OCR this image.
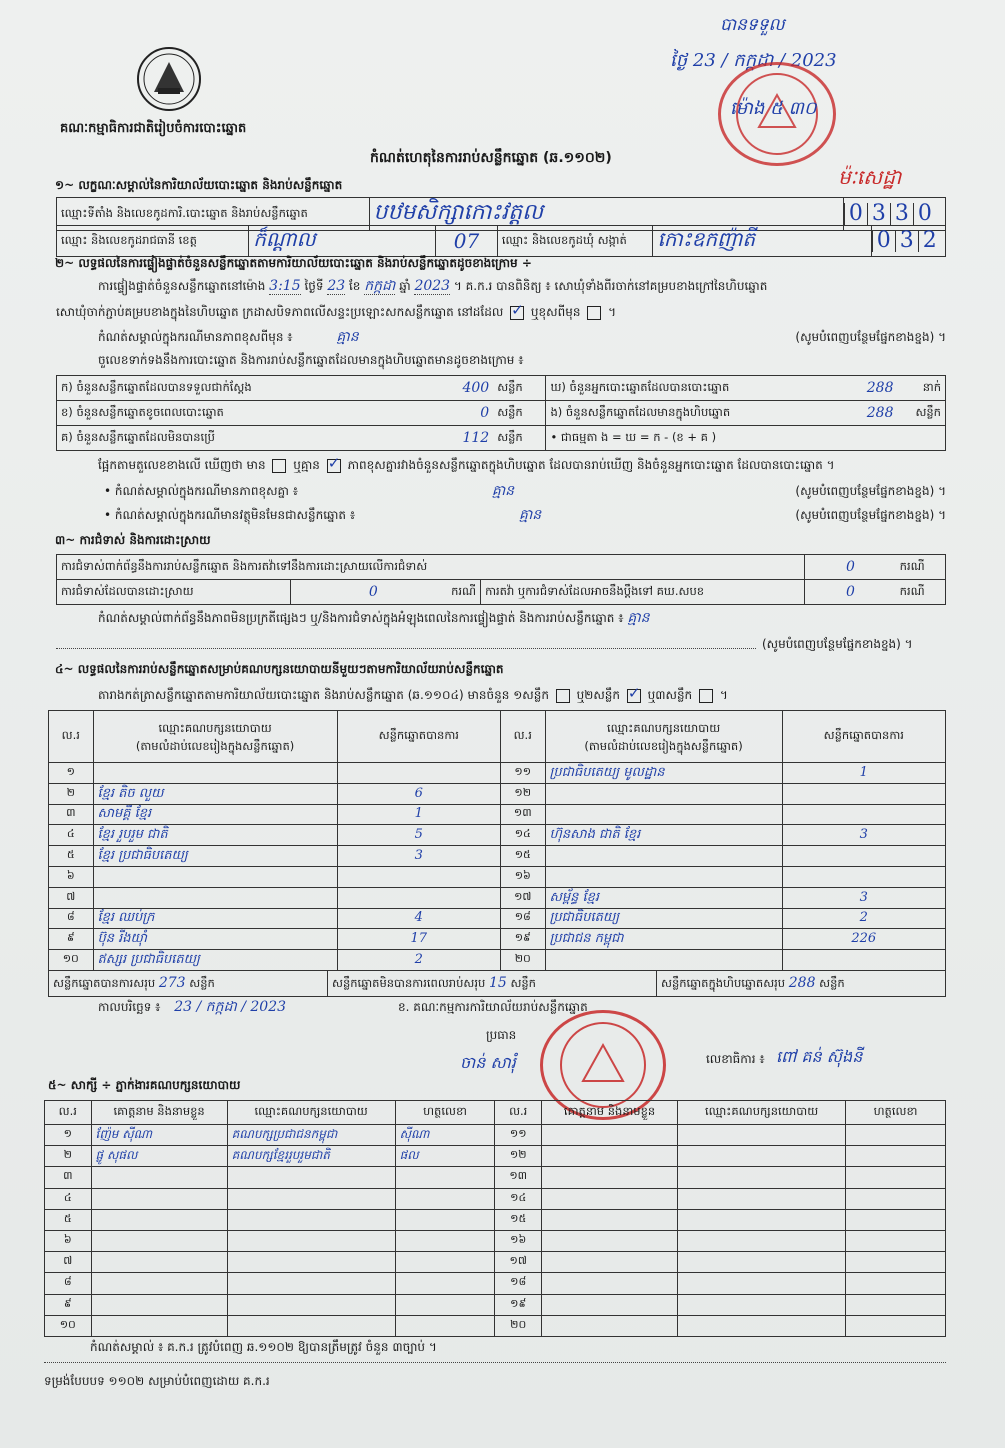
គណៈកម្មាធិការជាតិរៀបចំការបោះឆ្នោត
កំណត់ហេតុនៃការរាប់សន្លឹកឆ្នោត (ឆ.១១០២)
បានទទួល
ថ្ងៃ 23 / កក្កដា / 2023
ម៉ោង ៥ ៣០
ម៉ៈសេដ្ឋា
១~ លក្ខណៈសម្គាល់នៃការិយាល័យបោះឆ្នោត និងរាប់សន្លឹកឆ្នោត
ឈ្មោះទីតាំង និងលេខកូដការិ.បោះឆ្នោត និងរាប់សន្លឹកឆ្នោត	បឋមសិក្សាកោះវត្តល	0 3 3 0
ឈ្មោះ និងលេខកូដរាជធានី ខេត្ត	ក៏ណ្តាល	07	ឈ្មោះ និងលេខកូដឃុំ សង្កាត់	កោះឧកញ៉ាតី	0 3 2
២~ លទ្ធផលនៃការផ្ទៀងផ្ទាត់ចំនួនសន្លឹកឆ្នោតតាមការិយាល័យបោះឆ្នោត និងរាប់សន្លឹកឆ្នោតដូចខាងក្រោម ÷
ការផ្ទៀងផ្ទាត់ចំនួនសន្លឹកឆ្នោតនៅម៉ោង 3:15 ថ្ងៃទី 23 ខែ កក្កដា ឆ្នាំ 2023 ។ គ.ក.រ បានពិនិត្យ ៖ សោឃុំទាំងពីរចាក់នៅគម្របខាងក្រៅនៃហិបឆ្នោត
សោឃុំចាក់ភ្ជាប់គម្របខាងក្នុងនៃហិបឆ្នោត ក្រដាសបិទភាពលើសន្ទះប្រឡោះសកសន្លឹកឆ្នោត នៅដដែល ✓ ឬខុសពីមុន  ។
កំណត់សម្គាល់ក្នុងករណីមានភាពខុសពីមុន ៖	គ្មាន	(សូមបំពេញបន្ថែមផ្នែកខាងខ្នង) ។
ចួលេខទាក់ទងនឹងការបោះឆ្នោត និងការរាប់សន្លឹកឆ្នោតដែលមានក្នុងហិបឆ្នោតមានដូចខាងក្រោម ៖
ក) ចំនួនសន្លឹកឆ្នោតដែលបានទទួលជាក់ស្តែង	400	សន្លឹក	ឃ) ចំនួនអ្នកបោះឆ្នោតដែលបានបោះឆ្នោត	288	នាក់
ខ) ចំនួនសន្លឹកឆ្នោតខូចពេលបោះឆ្នោត	0	សន្លឹក	ង) ចំនួនសន្លឹកឆ្នោតដែលមានក្នុងហិបឆ្នោត	288	សន្លឹក
គ) ចំនួនសន្លឹកឆ្នោតដែលមិនបានប្រើ	112	សន្លឹក	• ជាធម្មតា ង = ឃ = ក - (ខ + គ )		
ផ្អែកតាមតួលេខខាងលើ ឃើញថា មាន ឬគ្មាន ✓ ភាពខុសគ្នារវាងចំនួនសន្លឹកឆ្នោតក្នុងហិបឆ្នោត ដែលបានរាប់ឃើញ និងចំនួនអ្នកបោះឆ្នោត ដែលបានបោះឆ្នោត ។
• កំណត់សម្គាល់ក្នុងករណីមានភាពខុសគ្នា ៖	គ្មាន	(សូមបំពេញបន្ថែមផ្នែកខាងខ្នង) ។
• កំណត់សម្គាល់ក្នុងករណីមានវត្ថុមិនមែនជាសន្លឹកឆ្នោត ៖	គ្មាន	(សូមបំពេញបន្ថែមផ្នែកខាងខ្នង) ។
៣~ ការជំទាស់ និងការដោះស្រាយ
ការជំទាស់ពាក់ព័ន្ធនឹងការរាប់សន្លឹកឆ្នោត និងការតវ៉ាទៅនឹងការដោះស្រាយលើការជំទាស់			0	ករណី
ការជំទាស់ដែលបានដោះស្រាយ	0 ករណី	ការតវ៉ា ឬការជំទាស់ដែលអាចនឹងប្តឹងទៅ គឃ.សបខ	0	ករណី
កំណត់សម្គាល់ពាក់ព័ន្ធនឹងភាពមិនប្រក្រតីផ្សេងៗ ឬ/និងការជំទាស់ក្នុងអំឡុងពេលនៃការផ្ទៀងផ្ទាត់ និងការរាប់សន្លឹកឆ្នោត ៖ គ្មាន
(សូមបំពេញបន្ថែមផ្នែកខាងខ្នង) ។
៤~ លទ្ធផលនៃការរាប់សន្លឹកឆ្នោតសម្រាប់គណបក្សនយោបាយនីមួយៗតាមការិយាល័យរាប់សន្លឹកឆ្នោត
តារាងកត់ត្រាសន្លឹកឆ្នោតតាមការិយាល័យបោះឆ្នោត និងរាប់សន្លឹកឆ្នោត (ឆ.១១០៤) មានចំនួន ១សន្លឹក ឬ២សន្លឹក ✓ ឬ៣សន្លឹក  ។
ល.រ	ឈ្មោះគណបក្សនយោបាយ
(តាមលំដាប់លេខរៀងក្នុងសន្លឹកឆ្នោត)	សន្លឹកឆ្នោតបានការ	ល.រ	ឈ្មោះគណបក្សនយោបាយ
(តាមលំដាប់លេខរៀងក្នុងសន្លឹកឆ្នោត)	សន្លឹកឆ្នោតបានការ
១			១១	ប្រជាធិបតេយ្យ មូលដ្ឋាន	1
២	ខ្មែរ តិច លួយ	6	១២		
៣	សាមគ្គី ខ្មែរ	1	១៣		
៤	ខ្មែរ រួបរួម ជាតិ	5	១៤	ហ៊ុនសាង ជាតិ ខ្មែរ	3
៥	ខ្មែរ ប្រជាធិបតេយ្យ	3	១៥		
៦			១៦		
៧			១៧	សម្ព័ន្ធ ខ្មែរ	3
៨	ខ្មែរ ឈប់ក្រ	4	១៨	ប្រជាធិបតេយ្យ	2
៩	ប៊ុន រីងយ៉ាំ	17	១៩	ប្រជាជន កម្ពុជា	226
១០	ឥស្សរ ប្រជាធិបតេយ្យ	2	២០		
សន្លឹកឆ្នោតបានការសរុប 273 សន្លឹក	សន្លឹកឆ្នោតមិនបានការពេលរាប់សរុប 15 សន្លឹក	សន្លឹកឆ្នោតក្នុងហិបឆ្នោតសរុប 288 សន្លឹក
កាលបរិច្ឆេទ ៖ 23 / កក្កដា / 2023	ខ. គណៈកម្មការការិយាល័យរាប់សន្លឹកឆ្នោត
ប្រធាន
ចាន់ សារុំ	លេខាធិការ ៖ ពៅ គន់ ស៊ុងនី
៥~ សាក្សី ÷ ភ្នាក់ងារគណបក្សនយោបាយ
ល.រ	គោត្តនាម និងនាមខ្លួន	ឈ្មោះគណបក្សនយោបាយ	ហត្ថលេខា	ល.រ	គោត្តនាម និងនាមខ្លួន	ឈ្មោះគណបក្សនយោបាយ	ហត្ថលេខា
១	ញ៉ែម ស៊ីណា	គណបក្សប្រជាជនកម្ពុជា	ស៊ីណា	១១			
២	ផ្លូ សុផល	គណបក្សខ្មែររួបរួមជាតិ	ផល	១២			
៣				១៣			
៤				១៤			
៥				១៥			
៦				១៦			
៧				១៧			
៨				១៨			
៩				១៩			
១០				២០			
កំណត់សម្គាល់ ៖ គ.ក.រ ត្រូវបំពេញ ឆ.១១០២ ឱ្យបានត្រឹមត្រូវ ចំនួន ៣ច្បាប់ ។
ទម្រង់បែបបទ ១១០២ សម្រាប់បំពេញដោយ គ.ក.រ
